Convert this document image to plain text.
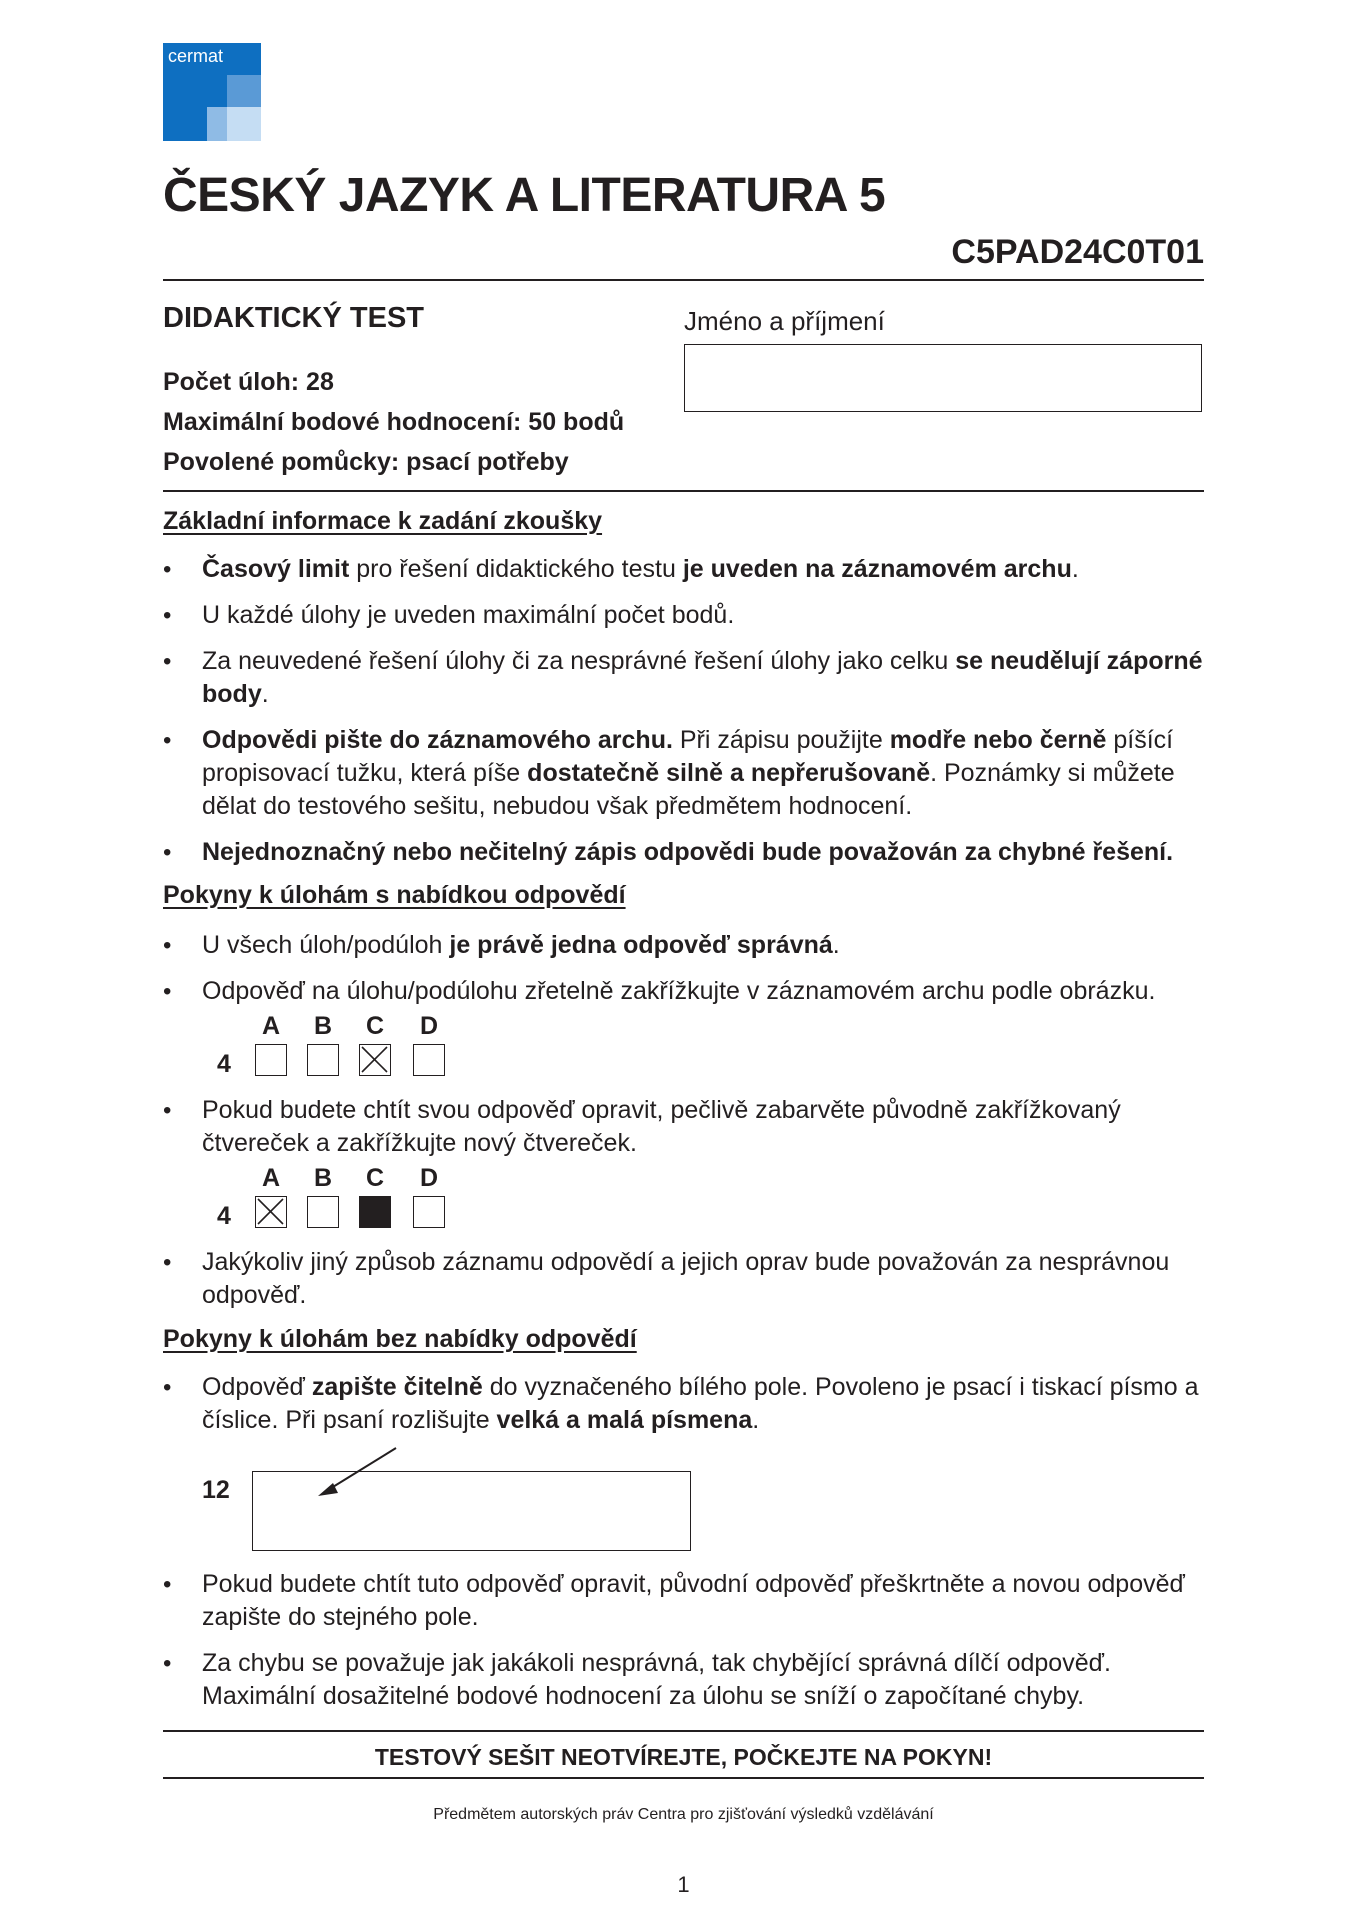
cermat
ČESKÝ JAZYK A LITERATURA 5
C5PAD24C0T01
DIDAKTICKÝ TEST
Počet úloh: 28
Maximální bodové hodnocení: 50 bodů
Povolené pomůcky: psací potřeby
Jméno a příjmení
Základní informace k zadání zkoušky
• Časový limit pro řešení didaktického testu je uveden na záznamovém archu.
• U každé úlohy je uveden maximální počet bodů.
• Za neuvedené řešení úlohy či za nesprávné řešení úlohy jako celku se neudělují záporné body.
• Odpovědi pište do záznamového archu. Při zápisu použijte modře nebo černě píšící propisovací tužku, která píše dostatečně silně a nepřerušovaně. Poznámky si můžete dělat do testového sešitu, nebudou však předmětem hodnocení.
• Nejednoznačný nebo nečitelný zápis odpovědi bude považován za chybné řešení.
Pokyny k úlohám s nabídkou odpovědí
• U všech úloh/podúloh je právě jedna odpověď správná.
• Odpověď na úlohu/podúlohu zřetelně zakřížkujte v záznamovém archu podle obrázku.
4
A B C D
• Pokud budete chtít svou odpověď opravit, pečlivě zabarvěte původně zakřížkovaný čtvereček a zakřížkujte nový čtvereček.
4
A B C D
• Jakýkoliv jiný způsob záznamu odpovědí a jejich oprav bude považován za nesprávnou odpověď.
Pokyny k úlohám bez nabídky odpovědí
• Odpověď zapište čitelně do vyznačeného bílého pole. Povoleno je psací i tiskací písmo a číslice. Při psaní rozlišujte velká a malá písmena.
12
• Pokud budete chtít tuto odpověď opravit, původní odpověď přeškrtněte a novou odpověď zapište do stejného pole.
• Za chybu se považuje jak jakákoli nesprávná, tak chybějící správná dílčí odpověď. Maximální dosažitelné bodové hodnocení za úlohu se sníží o započítané chyby.
TESTOVÝ SEŠIT NEOTVÍREJTE, POČKEJTE NA POKYN!
Předmětem autorských práv Centra pro zjišťování výsledků vzdělávání
1
